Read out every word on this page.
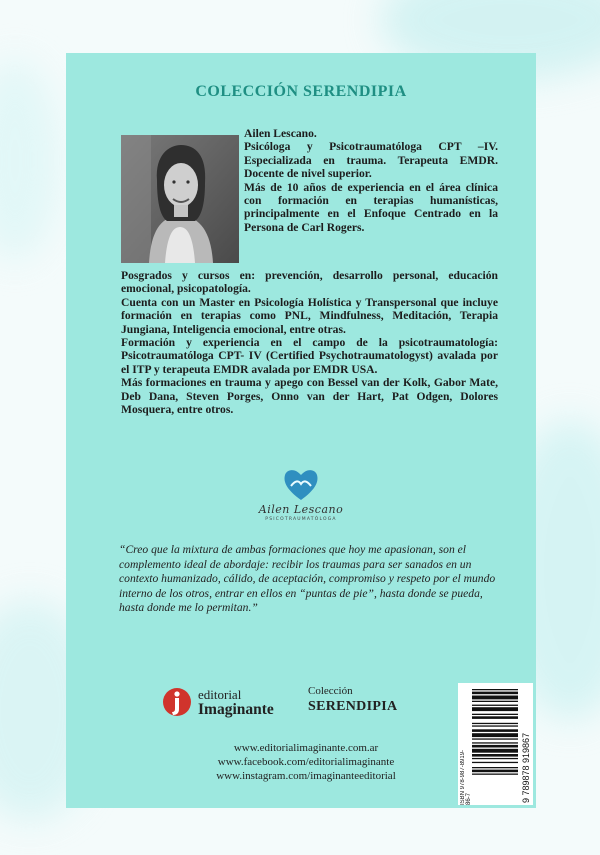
COLECCIÓN SERENDIPIA

Ailen Lescano.

Psicóloga y Psicotraumatóloga CPT –IV. Especializada en trauma. Terapeuta EMDR. Docente de nivel superior.

Más de 10 años de experiencia en el área clínica con formación en terapias humanísticas, principalmente en el Enfoque Centrado en la Persona de Carl Rogers.

Posgrados y cursos en: prevención, desarrollo personal, educación emocional, psicopatología.

Cuenta con un Master en Psicología Holística y Transpersonal que incluye formación en terapias como PNL, Mindfulness, Meditación, Terapia Jungiana, Inteligencia emocional, entre otras.

Formación y experiencia en el campo de la psicotraumatología: Psicotraumatóloga CPT- IV (Certified Psychotraumatologyst) avalada por el ITP y terapeuta EMDR avalada por EMDR USA.

Más formaciones en trauma y apego con Bessel van der Kolk, Gabor Mate, Deb Dana, Steven Porges, Onno van der Hart, Pat Odgen, Dolores Mosquera, entre otros.

Ailen Lescano
PSICOTRAUMATÓLOGA
“Creo que la mixtura de ambas formaciones que hoy me apasionan, son el complemento ideal de abordaje: recibir los traumas para ser sanados en un contexto humanizado, cálido, de aceptación, compromiso y respeto por el mundo interno de los otros, entrar en ellos en “puntas de pie”, hasta donde se pueda, hasta donde me lo permitan.”
editorial
Imaginante
Colección
SERENDIPIA
ISBN 978-987-8919-86-7	9 789878 919867
www.editorialimaginante.com.ar
www.facebook.com/editorialimaginante
www.instagram.com/imaginanteeditorial
